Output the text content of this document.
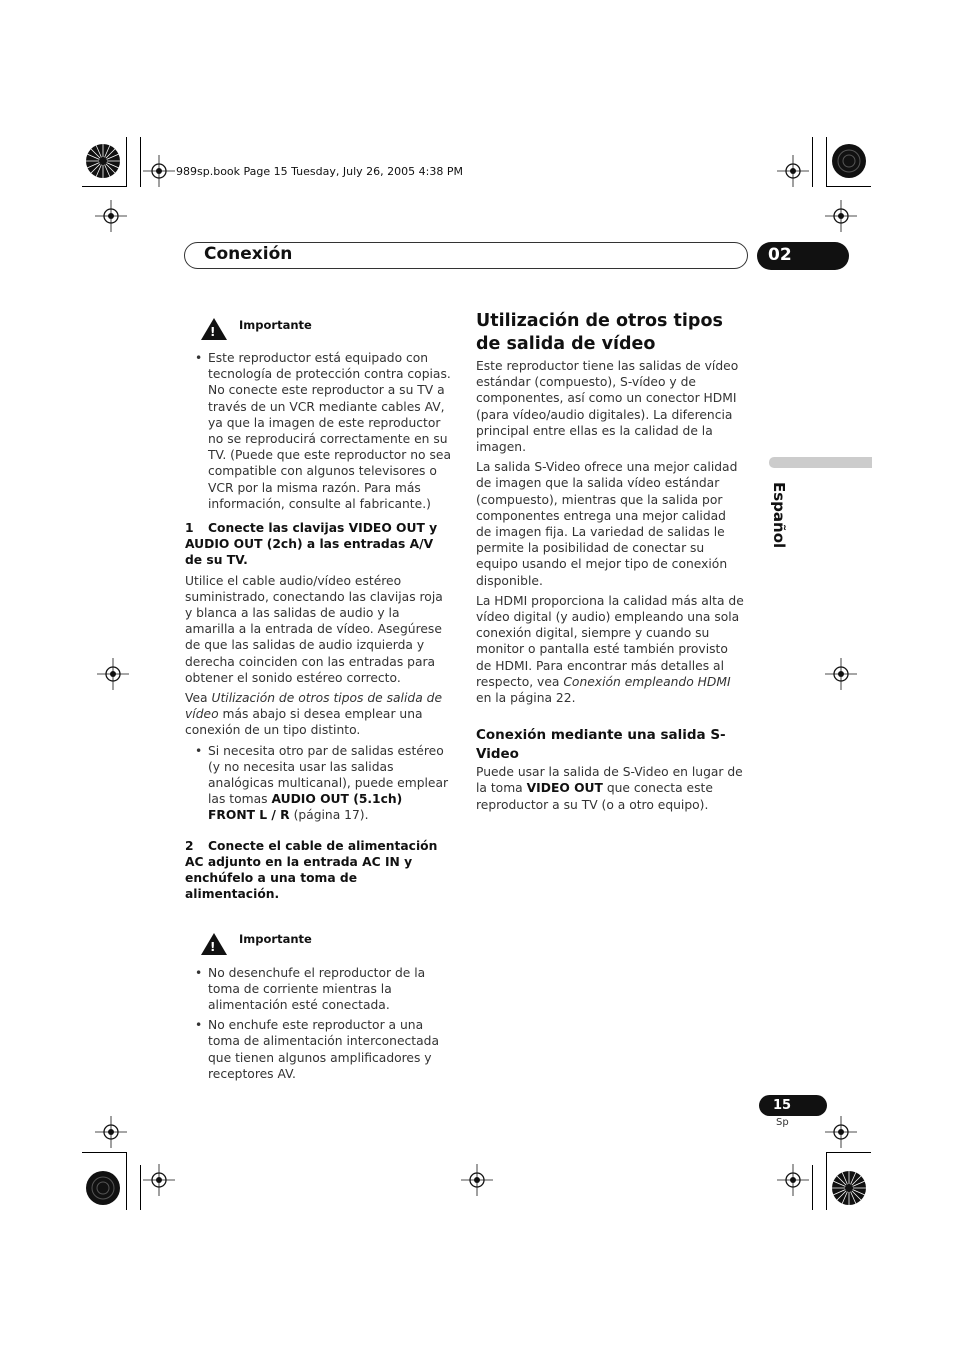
989sp.book Page 15 Tuesday, July 26, 2005 4:38 PM
Conexión	02
Español
!
Importante
• Este reproductor está equipado con tecnología de protección contra copias. No conecte este reproductor a su TV a través de un VCR mediante cables AV, ya que la imagen de este reproductor no se reproducirá correctamente en su TV. (Puede que este reproductor no sea compatible con algunos televisores o VCR por la misma razón. Para más información, consulte al fabricante.)

1 Conecte las clavijas VIDEO OUT y AUDIO OUT (2ch) a las entradas A/V de su TV.

Utilice el cable audio/vídeo estéreo suministrado, conectando las clavijas roja y blanca a las salidas de audio y la amarilla a la entrada de vídeo. Asegúrese de que las salidas de audio izquierda y derecha coinciden con las entradas para obtener el sonido estéreo correcto.

Vea Utilización de otros tipos de salida de vídeo más abajo si desea emplear una conexión de un tipo distinto.

• Si necesita otro par de salidas estéreo (y no necesita usar las salidas analógicas multicanal), puede emplear las tomas AUDIO OUT (5.1ch) FRONT L / R (página 17).

2 Conecte el cable de alimentación AC adjunto en la entrada AC IN y enchúfelo a una toma de alimentación.

!
Importante
• No desenchufe el reproductor de la toma de corriente mientras la alimentación esté conectada.
• No enchufe este reproductor a una toma de alimentación interconectada que tienen algunos amplificadores y receptores AV.
Utilización de otros tipos de salida de vídeo

Este reproductor tiene las salidas de vídeo estándar (compuesto), S-vídeo y de componentes, así como un conector HDMI (para vídeo/audio digitales). La diferencia principal entre ellas es la calidad de la imagen.

La salida S-Video ofrece una mejor calidad de imagen que la salida vídeo estándar (compuesto), mientras que la salida por componentes entrega una mejor calidad de imagen fija. La variedad de salidas le permite la posibilidad de conectar su equipo usando el mejor tipo de conexión disponible.

La HDMI proporciona la calidad más alta de vídeo digital (y audio) empleando una sola conexión digital, siempre y cuando su monitor o pantalla esté también provisto de HDMI. Para encontrar más detalles al respecto, vea Conexión empleando HDMI en la página 22.

Conexión mediante una salida S-Video

Puede usar la salida de S-Video en lugar de la toma VIDEO OUT que conecta este reproductor a su TV (o a otro equipo).

15
Sp
